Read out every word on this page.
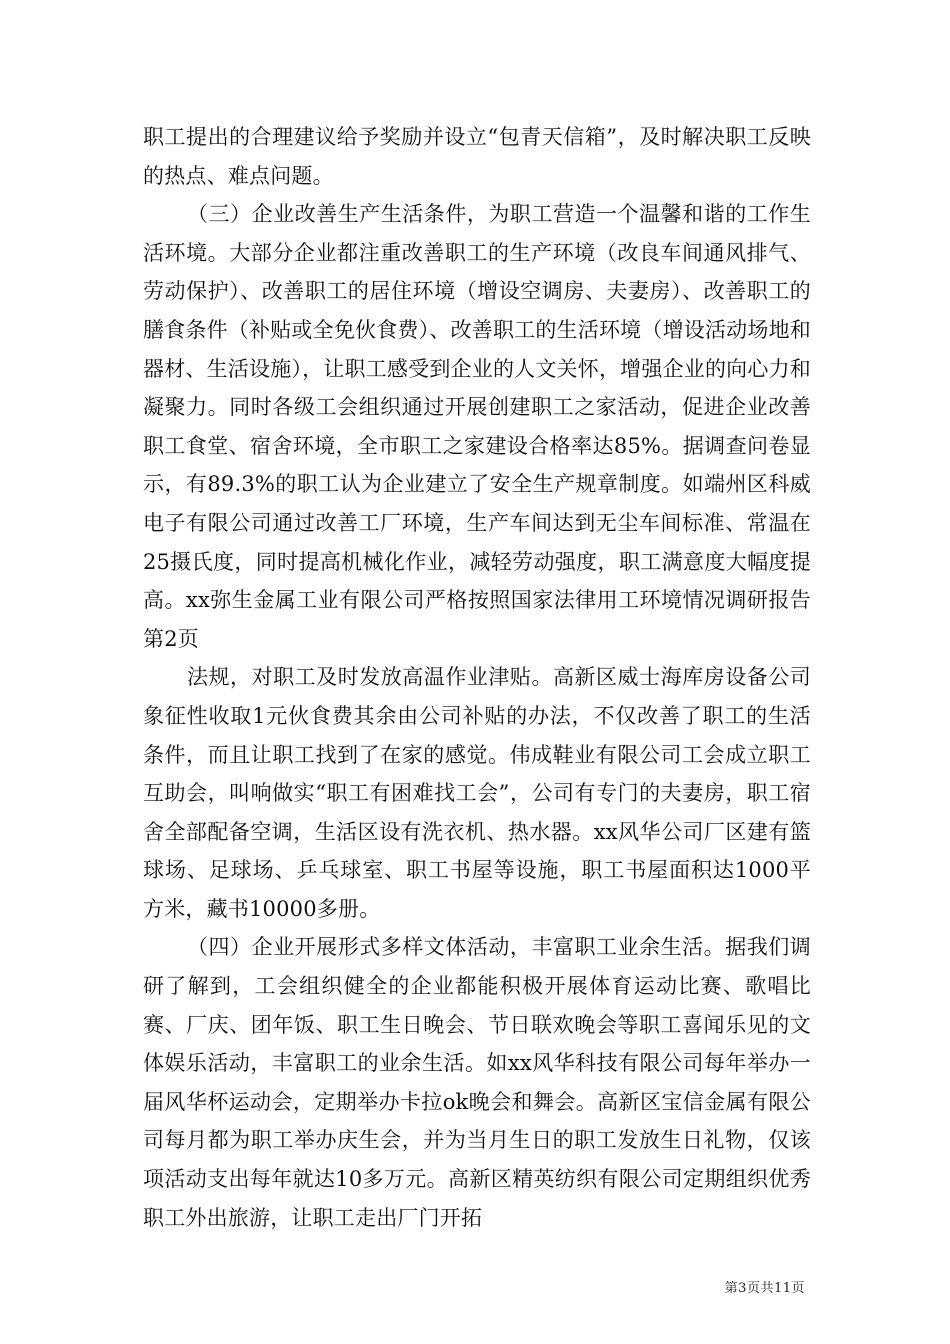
职工提出的合理建议给予奖励并设立“包青天信箱”，及时解决职工反映的热点、难点问题。

（三）企业改善生产生活条件，为职工营造一个温馨和谐的工作生活环境。大部分企业都注重改善职工的生产环境（改良车间通风排气、劳动保护）、改善职工的居住环境（增设空调房、夫妻房）、改善职工的膳食条件（补贴或全免伙食费）、改善职工的生活环境（增设活动场地和器材、生活设施），让职工感受到企业的人文关怀，增强企业的向心力和凝聚力。同时各级工会组织通过开展创建职工之家活动，促进企业改善职工食堂、宿舍环境，全市职工之家建设合格率达85%。据调查问卷显示，有89.3%的职工认为企业建立了安全生产规章制度。如端州区科威电子有限公司通过改善工厂环境，生产车间达到无尘车间标准、常温在25摄氏度，同时提高机械化作业，减轻劳动强度，职工满意度大幅度提高。xx弥生金属工业有限公司严格按照国家法律用工环境情况调研报告第2页

法规，对职工及时发放高温作业津贴。高新区威士海库房设备公司象征性收取1元伙食费其余由公司补贴的办法，不仅改善了职工的生活条件，而且让职工找到了在家的感觉。伟成鞋业有限公司工会成立职工互助会，叫响做实“职工有困难找工会”，公司有专门的夫妻房，职工宿舍全部配备空调，生活区设有洗衣机、热水器。xx风华公司厂区建有篮球场、足球场、乒乓球室、职工书屋等设施，职工书屋面积达1000平方米，藏书10000多册。

（四）企业开展形式多样文体活动，丰富职工业余生活。据我们调研了解到，工会组织健全的企业都能积极开展体育运动比赛、歌唱比赛、厂庆、团年饭、职工生日晚会、节日联欢晚会等职工喜闻乐见的文体娱乐活动，丰富职工的业余生活。如xx风华科技有限公司每年举办一届风华杯运动会，定期举办卡拉ok晚会和舞会。高新区宝信金属有限公司每月都为职工举办庆生会，并为当月生日的职工发放生日礼物，仅该项活动支出每年就达10多万元。高新区精英纺织有限公司定期组织优秀职工外出旅游，让职工走出厂门开拓

第3页共11页
